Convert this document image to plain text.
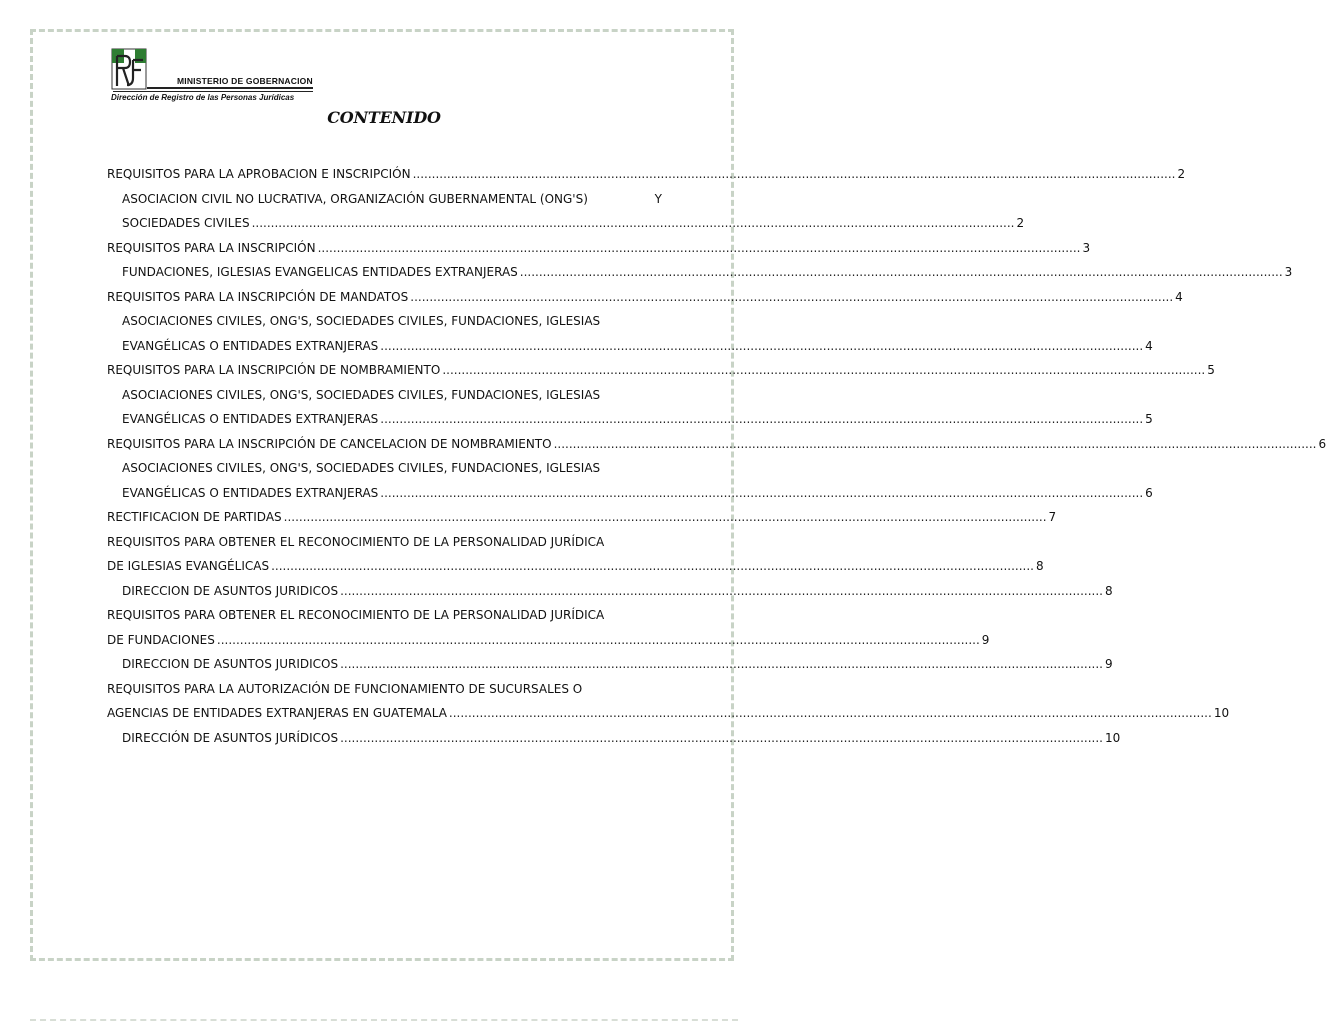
MINISTERIO DE GOBERNACION
Dirección de Registro de las Personas Jurídicas
CONTENIDO
REQUISITOS PARA LA APROBACION E INSCRIPCIÓN ........................................................................................................................................................................................................ 2
ASOCIACION CIVIL NO LUCRATIVA, ORGANIZACIÓN GUBERNAMENTAL (ONG'S)	Y
SOCIEDADES CIVILES ........................................................................................................................................................................................................ 2
REQUISITOS PARA LA INSCRIPCIÓN ........................................................................................................................................................................................................ 3
FUNDACIONES, IGLESIAS EVANGELICAS ENTIDADES EXTRANJERAS ........................................................................................................................................................................................................ 3
REQUISITOS PARA LA INSCRIPCIÓN DE MANDATOS ........................................................................................................................................................................................................ 4
ASOCIACIONES CIVILES, ONG'S, SOCIEDADES CIVILES, FUNDACIONES, IGLESIAS
EVANGÉLICAS O ENTIDADES EXTRANJERAS ........................................................................................................................................................................................................ 4
REQUISITOS PARA LA INSCRIPCIÓN DE NOMBRAMIENTO ........................................................................................................................................................................................................ 5
ASOCIACIONES CIVILES, ONG'S, SOCIEDADES CIVILES, FUNDACIONES, IGLESIAS
EVANGÉLICAS O ENTIDADES EXTRANJERAS ........................................................................................................................................................................................................ 5
REQUISITOS PARA LA INSCRIPCIÓN DE CANCELACION DE NOMBRAMIENTO ........................................................................................................................................................................................................ 6
ASOCIACIONES CIVILES, ONG'S, SOCIEDADES CIVILES, FUNDACIONES, IGLESIAS
EVANGÉLICAS O ENTIDADES EXTRANJERAS ........................................................................................................................................................................................................ 6
RECTIFICACION DE PARTIDAS ........................................................................................................................................................................................................ 7
REQUISITOS PARA OBTENER EL RECONOCIMIENTO DE LA PERSONALIDAD JURÍDICA
DE IGLESIAS EVANGÉLICAS ........................................................................................................................................................................................................ 8
DIRECCION DE ASUNTOS JURIDICOS ........................................................................................................................................................................................................ 8
REQUISITOS PARA OBTENER EL RECONOCIMIENTO DE LA PERSONALIDAD JURÍDICA
DE FUNDACIONES ........................................................................................................................................................................................................ 9
DIRECCION DE ASUNTOS JURIDICOS ........................................................................................................................................................................................................ 9
REQUISITOS PARA LA AUTORIZACIÓN DE FUNCIONAMIENTO DE SUCURSALES O
AGENCIAS DE ENTIDADES EXTRANJERAS EN GUATEMALA ........................................................................................................................................................................................................ 10
DIRECCIÓN DE ASUNTOS JURÍDICOS ........................................................................................................................................................................................................ 10
